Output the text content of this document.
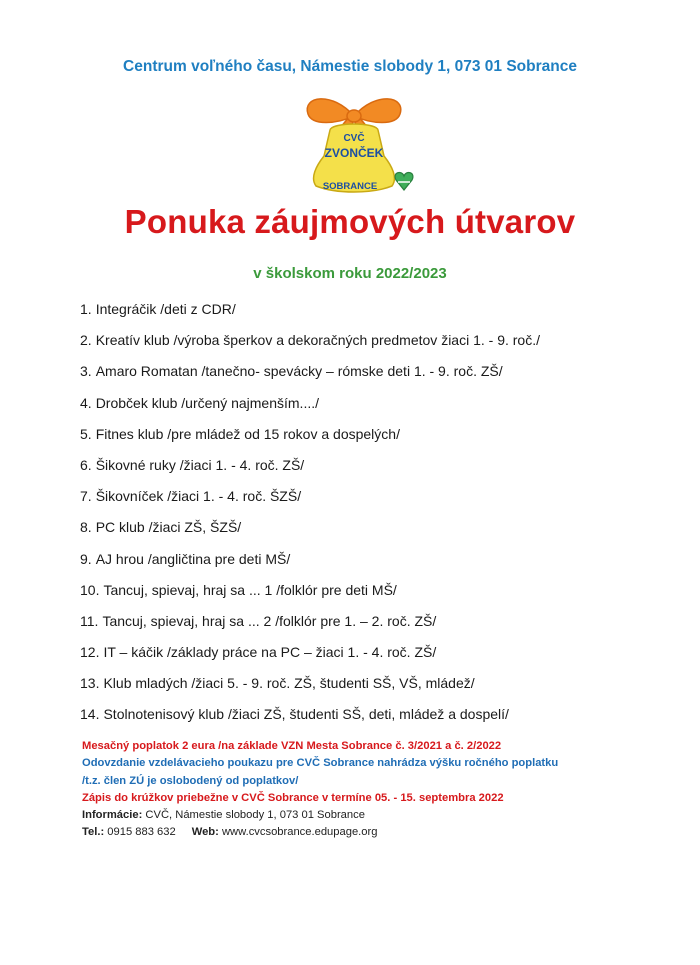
Centrum voľného času, Námestie slobody 1, 073 01 Sobrance
CVČ
ZVONČEK
SOBRANCE
Ponuka záujmových útvarov
v školskom roku 2022/2023
1. Integráčik /deti z CDR/
2. Kreatív klub /výroba šperkov a dekoračných predmetov žiaci 1. - 9. roč./
3. Amaro Romatan /tanečno- spevácky – rómske deti 1. - 9. roč. ZŠ/
4. Drobček klub /určený najmenším..../
5. Fitnes klub /pre mládež od 15 rokov a dospelých/
6. Šikovné ruky /žiaci 1. - 4. roč. ZŠ/
7. Šikovníček /žiaci 1. - 4. roč. ŠZŠ/
8. PC klub /žiaci ZŠ, ŠZŠ/
9. AJ hrou /angličtina pre deti MŠ/
10. Tancuj, spievaj, hraj sa ... 1 /folklór pre deti MŠ/
11. Tancuj, spievaj, hraj sa ... 2 /folklór pre 1. – 2. roč. ZŠ/
12. IT – káčik /základy práce na PC – žiaci 1. - 4. roč. ZŠ/
13. Klub mladých /žiaci 5. - 9. roč. ZŠ, študenti SŠ, VŠ, mládež/
14. Stolnotenisový klub /žiaci ZŠ, študenti SŠ, deti, mládež a dospelí/
Mesačný poplatok 2 eura /na základe VZN Mesta Sobrance č. 3/2021 a č. 2/2022
Odovzdanie vzdelávacieho poukazu pre CVČ Sobrance nahrádza výšku ročného poplatku
/t.z. člen ZÚ je oslobodený od poplatkov/
Zápis do krúžkov priebežne v CVČ Sobrance v termíne 05. - 15. septembra 2022
Informácie: CVČ, Námestie slobody 1, 073 01 Sobrance
Tel.: 0915 883 632 Web: www.cvcsobrance.edupage.org
